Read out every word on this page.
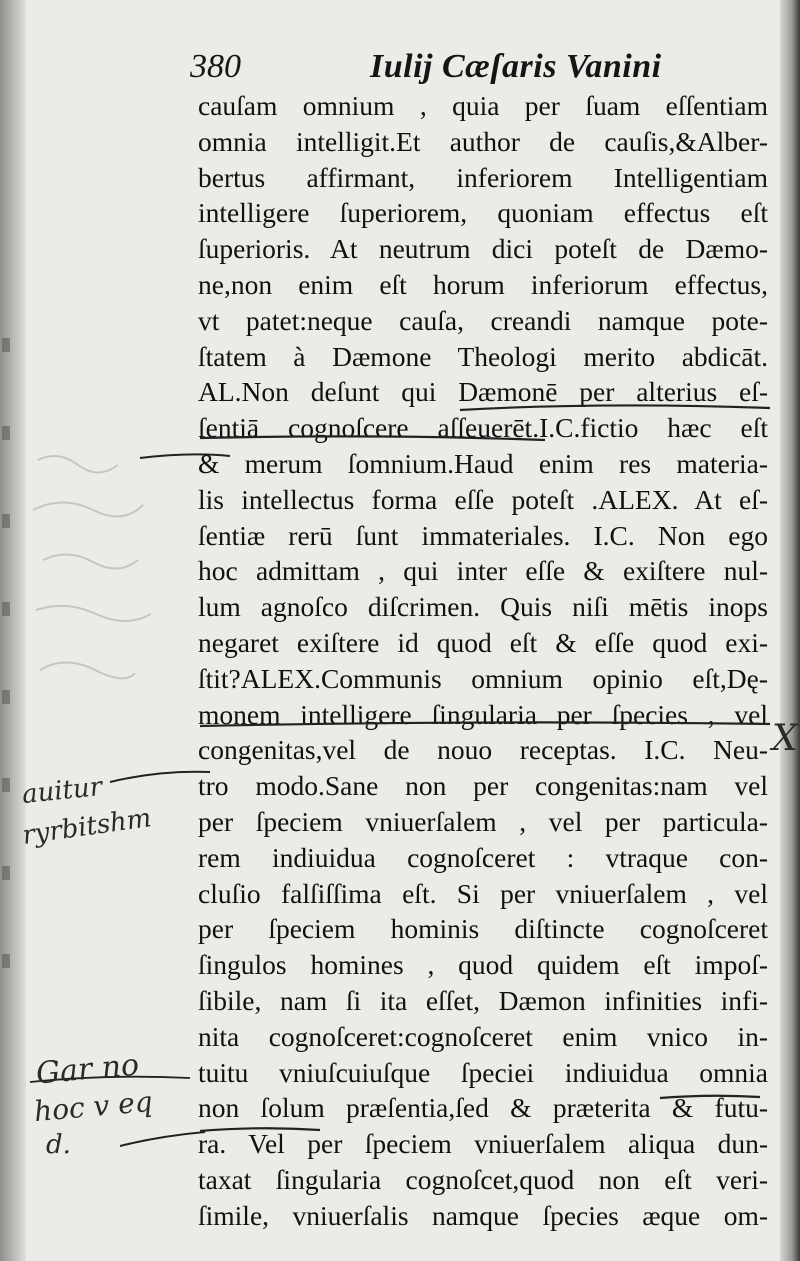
380	Iulij Cæſaris Vanini
cauſam omnium , quia per ſuam eſſentiam
omnia intelligit.Et author de cauſis,&Alber-
bertus affirmant, inferiorem Intelligentiam
intelligere ſuperiorem, quoniam effectus eſt
ſuperioris. At neutrum dici poteſt de Dæmo-
ne,non enim eſt horum inferiorum effectus,
vt patet:neque cauſa, creandi namque pote-
ſtatem à Dæmone Theologi merito abdicāt.
AL.Non deſunt qui Dæmonē per alterius eſ-
ſentiā cognoſcere aſſeuerēt.I.C.fictio hæc eſt
& merum ſomnium.Haud enim res materia-
lis intellectus forma eſſe poteſt .ALEX. At eſ-
ſentiæ rerū ſunt immateriales. I.C. Non ego
hoc admittam , qui inter eſſe & exiſtere nul-
lum agnoſco diſcrimen. Quis niſi mētis inops
negaret exiſtere id quod eſt & eſſe quod exi-
ſtit?ALEX.Communis omnium opinio eſt,Dę-
monem intelligere ſingularia per ſpecies , vel
congenitas,vel de nouo receptas. I.C. Neu-
tro modo.Sane non per congenitas:nam vel
per ſpeciem vniuerſalem , vel per particula-
rem indiuidua cognoſceret : vtraque con-
cluſio falſiſſima eſt. Si per vniuerſalem , vel
per ſpeciem hominis diſtincte cognoſceret
ſingulos homines , quod quidem eſt impoſ-
ſibile, nam ſi ita eſſet, Dæmon infinities infi-
nita cognoſceret:cognoſceret enim vnico in-
tuitu vniuſcuiuſque ſpeciei indiuidua omnia
non ſolum præſentia,ſed & præterita & futu-
ra. Vel per ſpeciem vniuerſalem aliqua dun-
taxat ſingularia cognoſcet,quod non eſt veri-
ſimile, vniuerſalis namque ſpecies æque om-
auitur
ryrbitshm
Gar no
hoc v eq
d.
X
